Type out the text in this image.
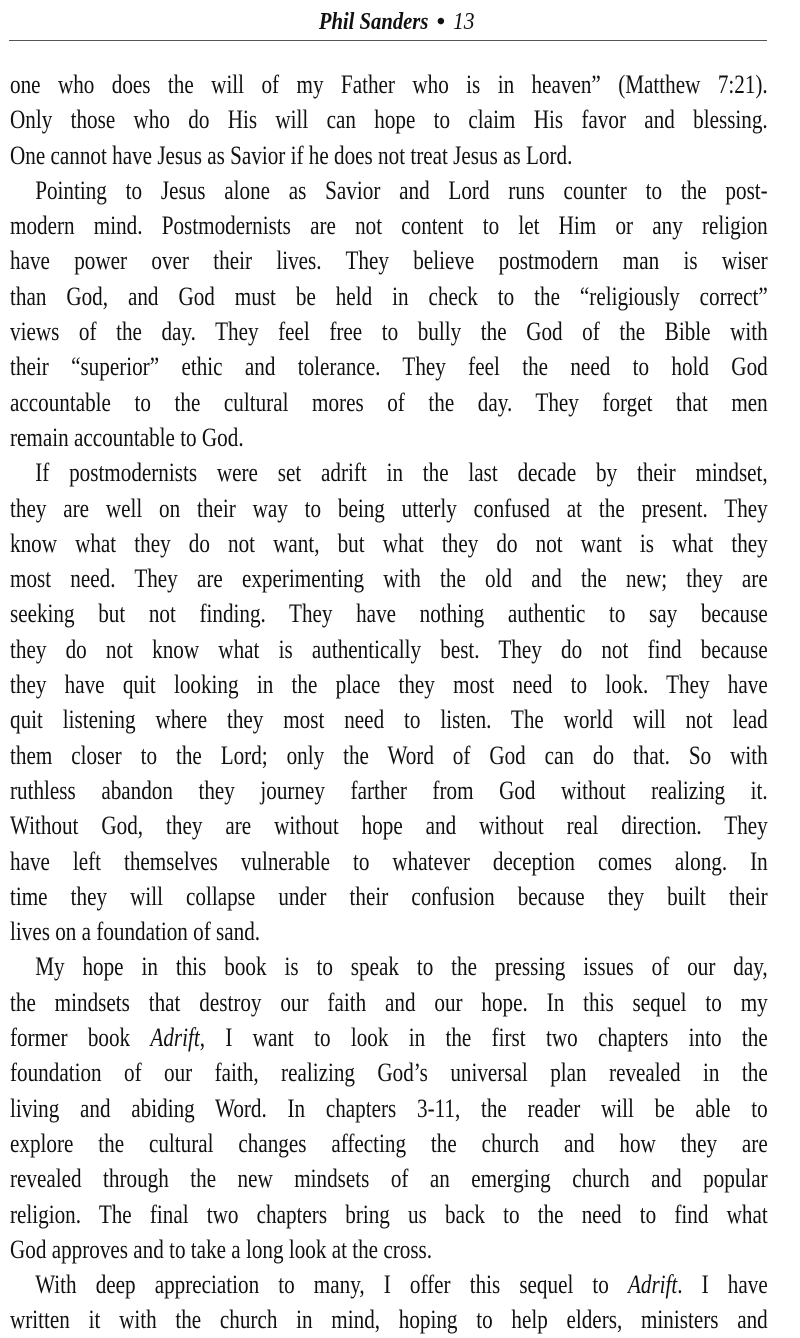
Phil Sanders • 13
one who does the will of my Father who is in heaven” (Matthew 7:21).
Only those who do His will can hope to claim His favor and blessing.
One cannot have Jesus as Savior if he does not treat Jesus as Lord.
Pointing to Jesus alone as Savior and Lord runs counter to the post-
modern mind. Postmodernists are not content to let Him or any religion
have power over their lives. They believe postmodern man is wiser
than God, and God must be held in check to the “religiously correct”
views of the day. They feel free to bully the God of the Bible with
their “superior” ethic and tolerance. They feel the need to hold God
accountable to the cultural mores of the day. They forget that men
remain accountable to God.
If postmodernists were set adrift in the last decade by their mindset,
they are well on their way to being utterly confused at the present. They
know what they do not want, but what they do not want is what they
most need. They are experimenting with the old and the new; they are
seeking but not finding. They have nothing authentic to say because
they do not know what is authentically best. They do not find because
they have quit looking in the place they most need to look. They have
quit listening where they most need to listen. The world will not lead
them closer to the Lord; only the Word of God can do that. So with
ruthless abandon they journey farther from God without realizing it.
Without God, they are without hope and without real direction. They
have left themselves vulnerable to whatever deception comes along. In
time they will collapse under their confusion because they built their
lives on a foundation of sand.
My hope in this book is to speak to the pressing issues of our day,
the mindsets that destroy our faith and our hope. In this sequel to my
former book Adrift, I want to look in the first two chapters into the
foundation of our faith, realizing God’s universal plan revealed in the
living and abiding Word. In chapters 3-11, the reader will be able to
explore the cultural changes affecting the church and how they are
revealed through the new mindsets of an emerging church and popular
religion. The final two chapters bring us back to the need to find what
God approves and to take a long look at the cross.
With deep appreciation to many, I offer this sequel to Adrift. I have
written it with the church in mind, hoping to help elders, ministers and
